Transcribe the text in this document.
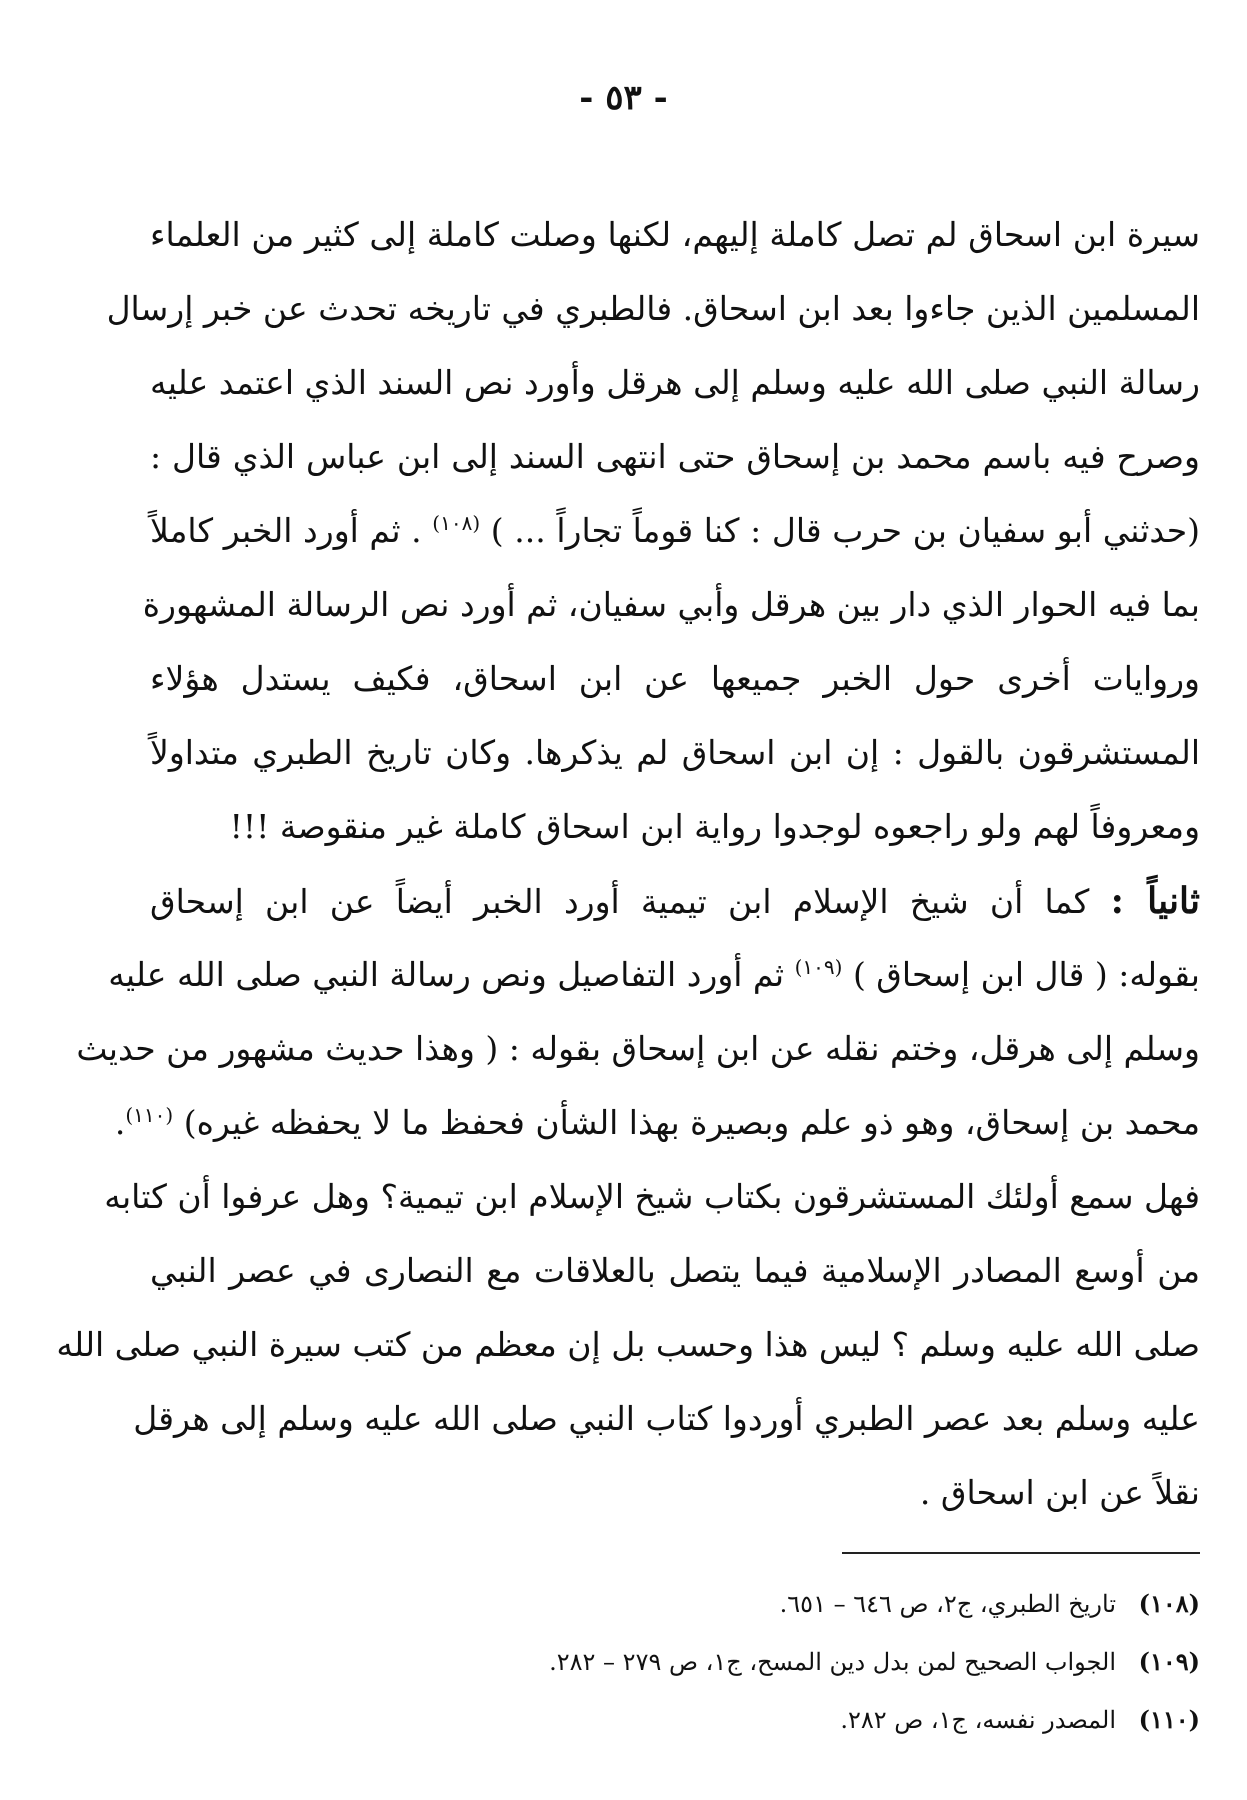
- ٥٣ -
سيرة ابن اسحاق لم تصل كاملة إليهم، لكنها وصلت كاملة إلى كثير من العلماء
المسلمين الذين جاءوا بعد ابن اسحاق. فالطبري في تاريخه تحدث عن خبر إرسال
رسالة النبي صلى الله عليه وسلم إلى هرقل وأورد نص السند الذي اعتمد عليه
وصرح فيه باسم محمد بن إسحاق حتى انتهى السند إلى ابن عباس الذي قال :
(حدثني أبو سفيان بن حرب قال : كنا قوماً تجاراً ... ) $^{(١٠٨)}$ . ثم أورد الخبر كاملاً
بما فيه الحوار الذي دار بين هرقل وأبي سفيان، ثم أورد نص الرسالة المشهورة
وروايات أخرى حول الخبر جميعها عن ابن اسحاق، فكيف يستدل هؤلاء
المستشرقون بالقول : إن ابن اسحاق لم يذكرها. وكان تاريخ الطبري متداولاً
ومعروفاً لهم ولو راجعوه لوجدوا رواية ابن اسحاق كاملة غير منقوصة !!!
ثانياً : كما أن شيخ الإسلام ابن تيمية أورد الخبر أيضاً عن ابن إسحاق
بقوله: ( قال ابن إسحاق ) $^{(١٠٩)}$ ثم أورد التفاصيل ونص رسالة النبي صلى الله عليه
وسلم إلى هرقل، وختم نقله عن ابن إسحاق بقوله : ( وهذا حديث مشهور من حديث
محمد بن إسحاق، وهو ذو علم وبصيرة بهذا الشأن فحفظ ما لا يحفظه غيره) $^{(١١٠)}$.
فهل سمع أولئك المستشرقون بكتاب شيخ الإسلام ابن تيمية؟ وهل عرفوا أن كتابه
من أوسع المصادر الإسلامية فيما يتصل بالعلاقات مع النصارى في عصر النبي
صلى الله عليه وسلم ؟ ليس هذا وحسب بل إن معظم من كتب سيرة النبي صلى الله
عليه وسلم بعد عصر الطبري أوردوا كتاب النبي صلى الله عليه وسلم إلى هرقل
نقلاً عن ابن اسحاق .
(١٠٨)تاريخ الطبري، ج٢، ص ٦٤٦ – ٦٥١.
(١٠٩)الجواب الصحيح لمن بدل دين المسح، ج١، ص ٢٧٩ – ٢٨٢.
(١١٠)المصدر نفسه، ج١، ص ٢٨٢.
